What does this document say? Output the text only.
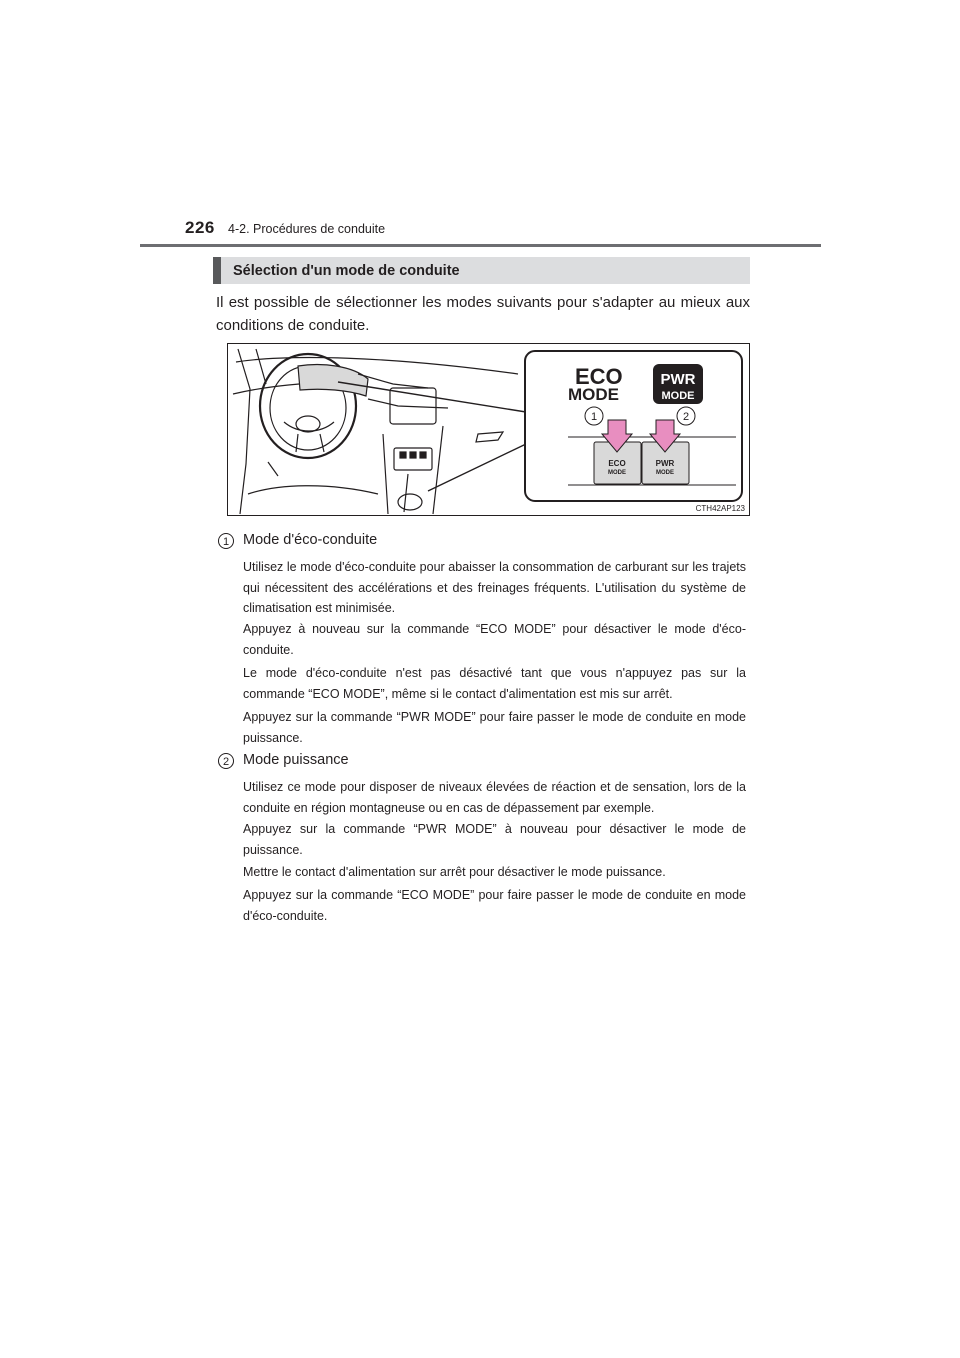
226 4-2. Procédures de conduite
Sélection d'un mode de conduite
Il est possible de sélectionner les modes suivants pour s'adapter au mieux aux conditions de conduite.
ECO
MODE
PWR
MODE
1	2
ECO
MODE
PWR
MODE
CTH42AP123
1 Mode d'éco-conduite
Utilisez le mode d'éco-conduite pour abaisser la consommation de carburant sur les trajets qui nécessitent des accélérations et des freinages fréquents. L'utilisation du système de climatisation est minimisée.
Appuyez à nouveau sur la commande “ECO MODE” pour désactiver le mode d'éco-conduite.
Le mode d'éco-conduite n'est pas désactivé tant que vous n'appuyez pas sur la commande “ECO MODE”, même si le contact d'alimentation est mis sur arrêt.
Appuyez sur la commande “PWR MODE” pour faire passer le mode de conduite en mode puissance.
2 Mode puissance
Utilisez ce mode pour disposer de niveaux élevées de réaction et de sensation, lors de la conduite en région montagneuse ou en cas de dépassement par exemple.
Appuyez sur la commande “PWR MODE” à nouveau pour désactiver le mode de puissance.
Mettre le contact d'alimentation sur arrêt pour désactiver le mode puissance.
Appuyez sur la commande “ECO MODE” pour faire passer le mode de conduite en mode d'éco-conduite.
